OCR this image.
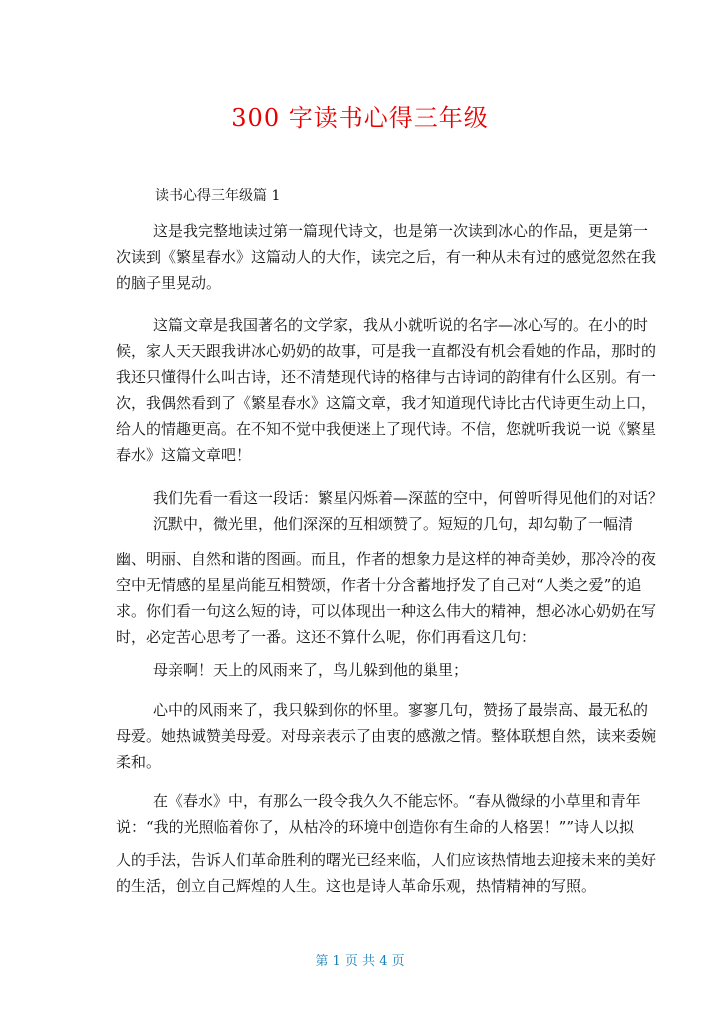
300 字读书心得三年级

读书心得三年级篇 1

这是我完整地读过第一篇现代诗文，也是第一次读到冰心的作品，更是第一
次读到《繁星春水》这篇动人的大作，读完之后，有一种从未有过的感觉忽然在我
的脑子里晃动。
这篇文章是我国著名的文学家，我从小就听说的名字—冰心写的。在小的时
候，家人天天跟我讲冰心奶奶的故事，可是我一直都没有机会看她的作品，那时的
我还只懂得什么叫古诗，还不清楚现代诗的格律与古诗词的韵律有什么区别。有一
次，我偶然看到了《繁星春水》这篇文章，我才知道现代诗比古代诗更生动上口，
给人的情趣更高。在不知不觉中我便迷上了现代诗。不信，您就听我说一说《繁星
春水》这篇文章吧！
我们先看一看这一段话：繁星闪烁着—深蓝的空中，何曾听得见他们的对话？
沉默中，微光里，他们深深的互相颂赞了。短短的几句，却勾勒了一幅清
幽、明丽、自然和谐的图画。而且，作者的想象力是这样的神奇美妙，那冷冷的夜
空中无情感的星星尚能互相赞颂，作者十分含蓄地抒发了自己对“人类之爱”的追
求。你们看一句这么短的诗，可以体现出一种这么伟大的精神，想必冰心奶奶在写
时，必定苦心思考了一番。这还不算什么呢，你们再看这几句：
母亲啊！天上的风雨来了，鸟儿躲到他的巢里；
心中的风雨来了，我只躲到你的怀里。寥寥几句，赞扬了最崇高、最无私的
母爱。她热诚赞美母爱。对母亲表示了由衷的感激之情。整体联想自然，读来委婉
柔和。
在《春水》中，有那么一段令我久久不能忘怀。“春从微绿的小草里和青年
说：“我的光照临着你了，从枯冷的环境中创造你有生命的人格罢！””诗人以拟
人的手法，告诉人们革命胜利的曙光已经来临，人们应该热情地去迎接未来的美好
的生活，创立自己辉煌的人生。这也是诗人革命乐观，热情精神的写照。
第 1 页 共 4 页
